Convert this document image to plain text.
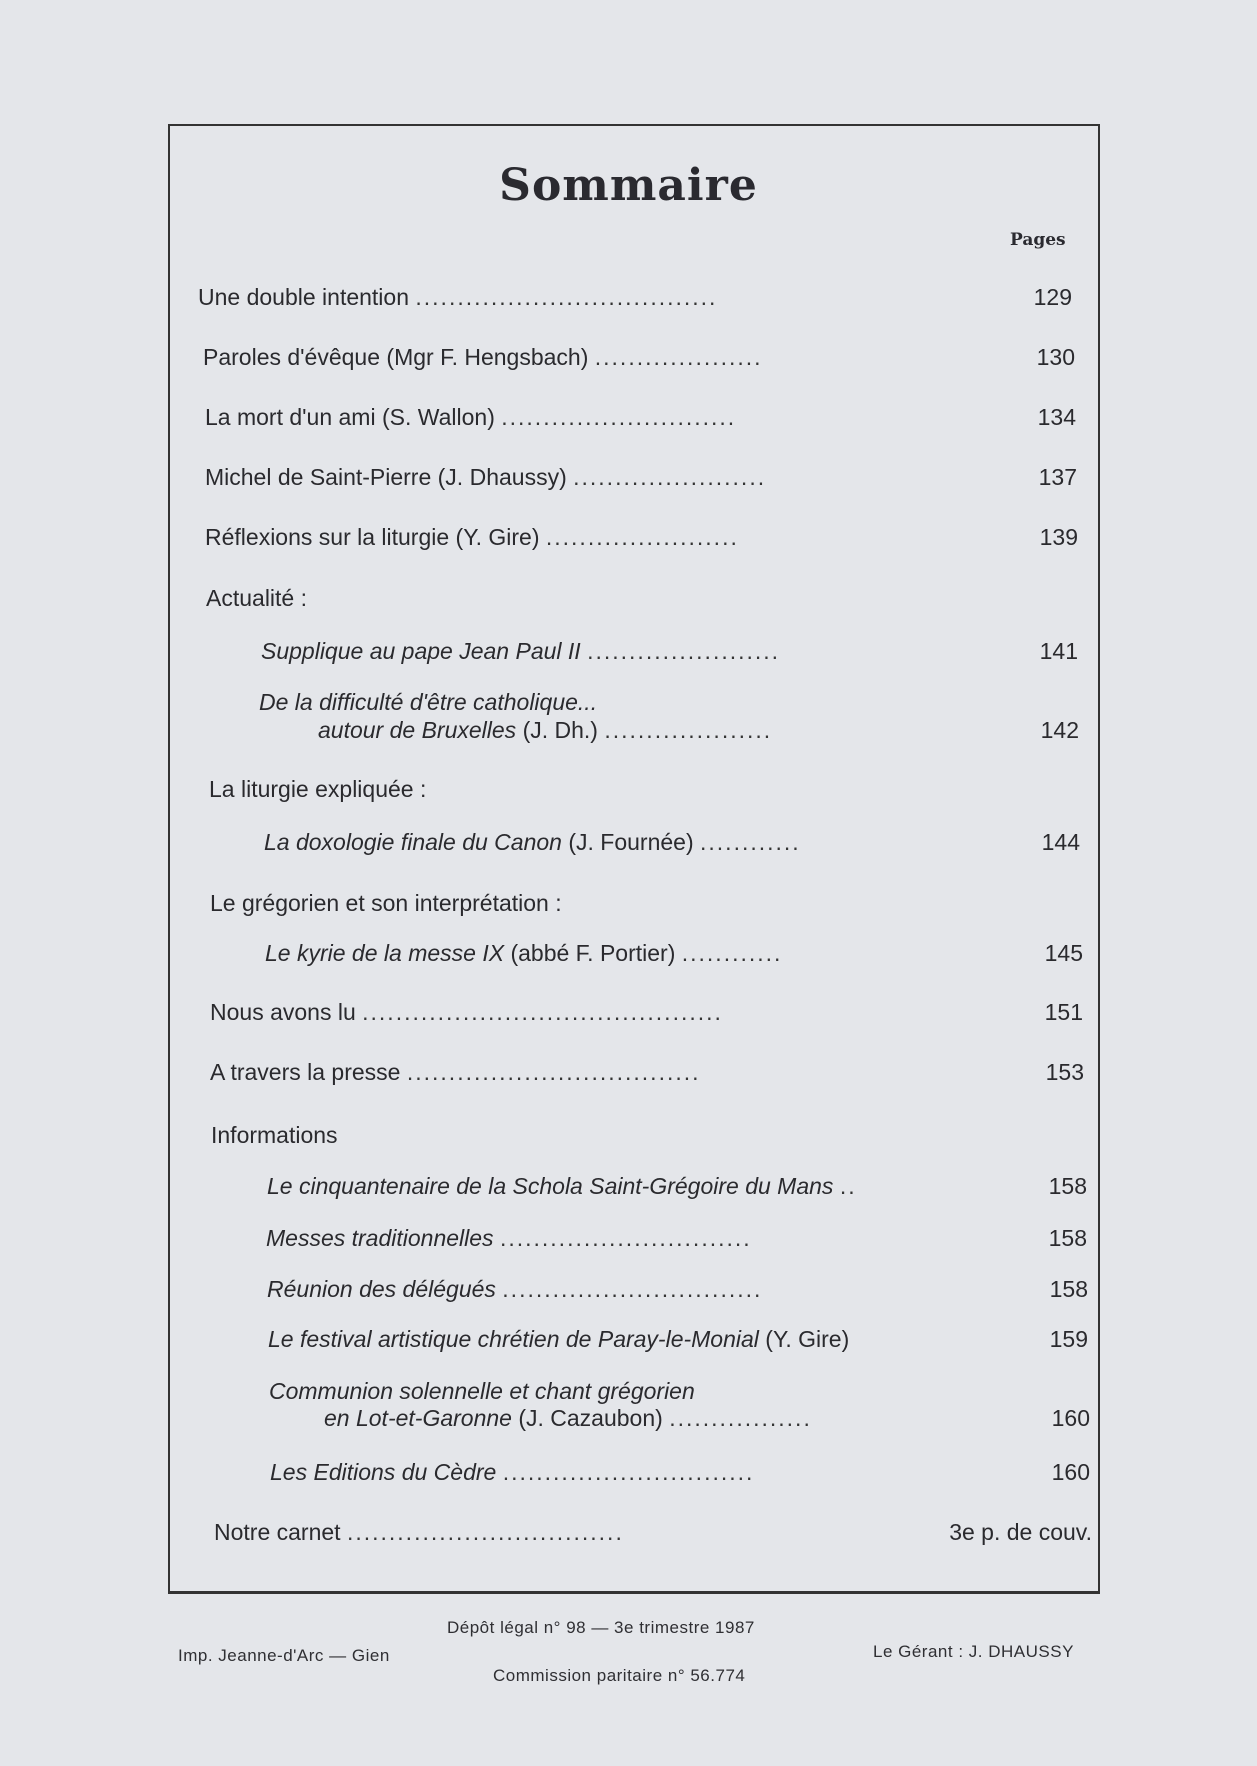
Sommaire
Pages
Une double intention ....................................	129
Paroles d'évêque (Mgr F. Hengsbach) ....................	130
La mort d'un ami (S. Wallon) ............................	134
Michel de Saint-Pierre (J. Dhaussy) .......................	137
Réflexions sur la liturgie (Y. Gire) .......................	139
Actualité :
Supplique au pape Jean Paul II .......................	141
De la difficulté d'être catholique...
autour de Bruxelles (J. Dh.) ....................	142
La liturgie expliquée :
La doxologie finale du Canon (J. Fournée) ............	144
Le grégorien et son interprétation :
Le kyrie de la messe IX (abbé F. Portier) ............	145
Nous avons lu ...........................................	151
A travers la presse ...................................	153
Informations
Le cinquantenaire de la Schola Saint-Grégoire du Mans ..	158
Messes traditionnelles ..............................	158
Réunion des délégués ...............................	158
Le festival artistique chrétien de Paray-le-Monial (Y. Gire)	159
Communion solennelle et chant grégorien
en Lot-et-Garonne (J. Cazaubon) .................	160
Les Editions du Cèdre ..............................	160
Notre carnet .................................	3e p. de couv.
Dépôt légal n° 98 — 3e trimestre 1987
Imp. Jeanne-d'Arc — Gien	Le Gérant : J. DHAUSSY
Commission paritaire n° 56.774
